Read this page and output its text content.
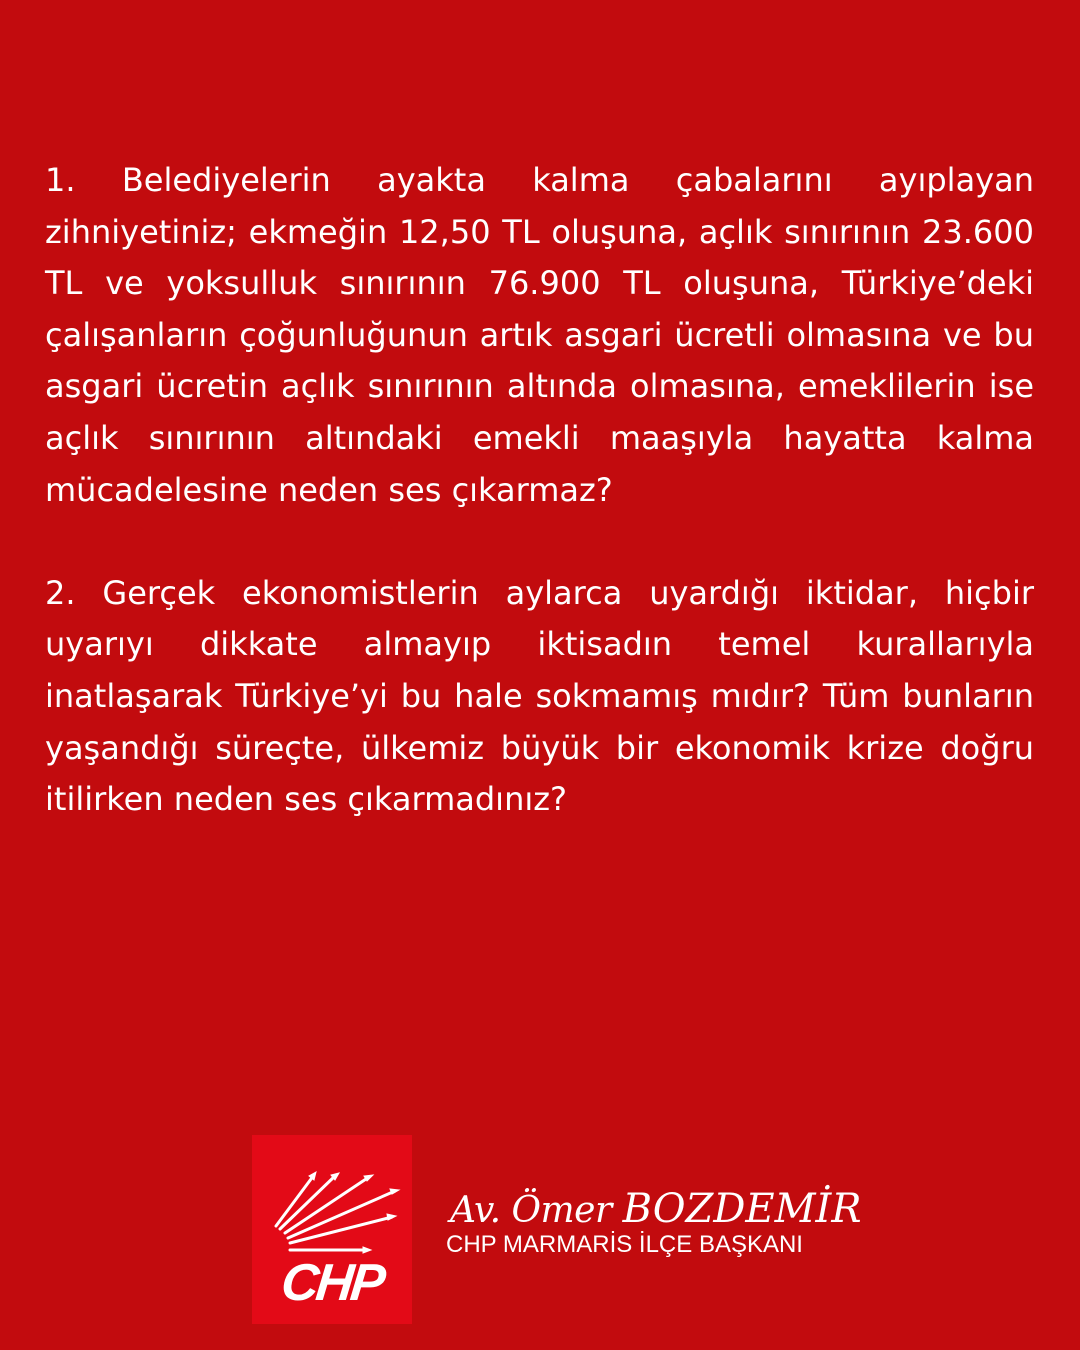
1. Belediyelerin ayakta kalma çabalarını ayıplayan zihniyetiniz; ekmeğin 12,50 TL oluşuna, açlık sınırının 23.600 TL ve yoksulluk sınırının 76.900 TL oluşuna, Türkiye’deki çalışanların çoğunluğunun artık asgari ücretli olmasına ve bu asgari ücretin açlık sınırının altında olmasına, emeklilerin ise açlık sınırının altındaki emekli maaşıyla hayatta kalma mücadelesine neden ses çıkarmaz?

2. Gerçek ekonomistlerin aylarca uyardığı iktidar, hiçbir uyarıyı dikkate almayıp iktisadın temel kurallarıyla inatlaşarak Türkiye’yi bu hale sokmamış mıdır? Tüm bunların yaşandığı süreçte, ülkemiz büyük bir ekonomik krize doğru itilirken neden ses çıkarmadınız?

CHP
Av. Ömer BOZDEMİR
CHP MARMARİS İLÇE BAŞKANI
